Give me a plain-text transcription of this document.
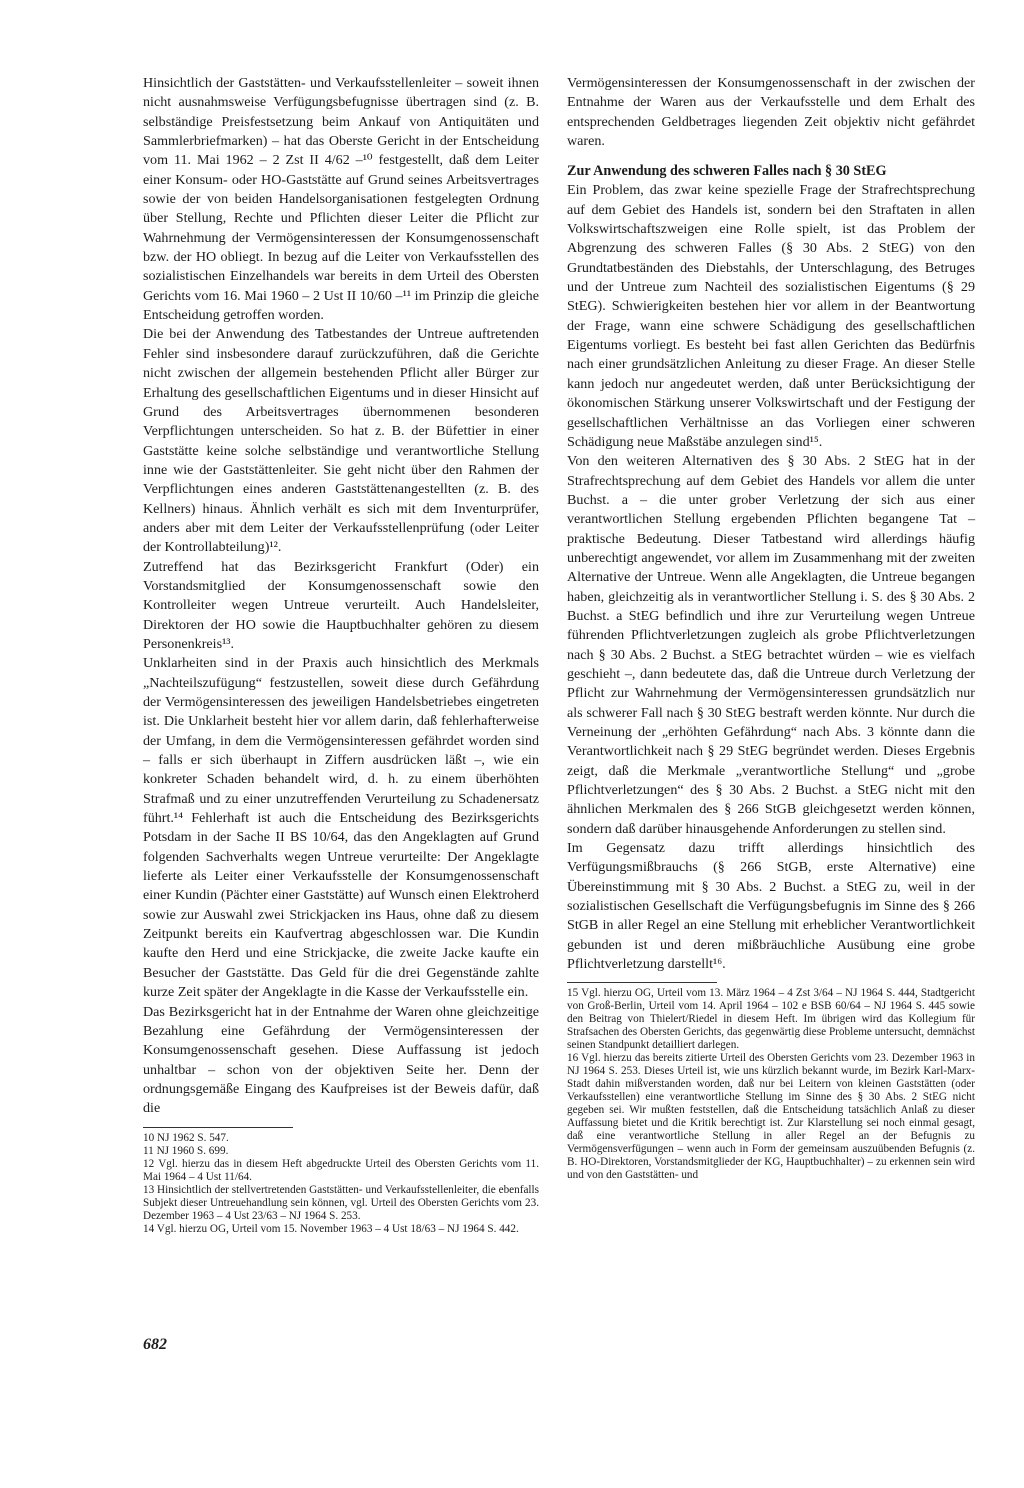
Hinsichtlich der Gaststätten- und Verkaufsstellenleiter – soweit ihnen nicht ausnahmsweise Verfügungsbefugnisse übertragen sind (z. B. selbständige Preisfestsetzung beim Ankauf von Antiquitäten und Sammlerbriefmarken) – hat das Oberste Gericht in der Entscheidung vom 11. Mai 1962 – 2 Zst II 4/62 –¹⁰ festgestellt, daß dem Leiter einer Konsum- oder HO-Gaststätte auf Grund seines Arbeitsvertrages sowie der von beiden Handelsorganisationen festgelegten Ordnung über Stellung, Rechte und Pflichten dieser Leiter die Pflicht zur Wahrnehmung der Vermögensinteressen der Konsumgenossenschaft bzw. der HO obliegt. In bezug auf die Leiter von Verkaufsstellen des sozialistischen Einzelhandels war bereits in dem Urteil des Obersten Gerichts vom 16. Mai 1960 – 2 Ust II 10/60 –¹¹ im Prinzip die gleiche Entscheidung getroffen worden.

Die bei der Anwendung des Tatbestandes der Untreue auftretenden Fehler sind insbesondere darauf zurückzuführen, daß die Gerichte nicht zwischen der allgemein bestehenden Pflicht aller Bürger zur Erhaltung des gesellschaftlichen Eigentums und in dieser Hinsicht auf Grund des Arbeitsvertrages übernommenen besonderen Verpflichtungen unterscheiden. So hat z. B. der Büfettier in einer Gaststätte keine solche selbständige und verantwortliche Stellung inne wie der Gaststättenleiter. Sie geht nicht über den Rahmen der Verpflichtungen eines anderen Gaststättenangestellten (z. B. des Kellners) hinaus. Ähnlich verhält es sich mit dem Inventurprüfer, anders aber mit dem Leiter der Verkaufsstellenprüfung (oder Leiter der Kontrollabteilung)¹².

Zutreffend hat das Bezirksgericht Frankfurt (Oder) ein Vorstandsmitglied der Konsumgenossenschaft sowie den Kontrolleiter wegen Untreue verurteilt. Auch Handelsleiter, Direktoren der HO sowie die Hauptbuchhalter gehören zu diesem Personenkreis¹³.

Unklarheiten sind in der Praxis auch hinsichtlich des Merkmals „Nachteilszufügung“ festzustellen, soweit diese durch Gefährdung der Vermögensinteressen des jeweiligen Handelsbetriebes eingetreten ist. Die Unklarheit besteht hier vor allem darin, daß fehlerhafterweise der Umfang, in dem die Vermögensinteressen gefährdet worden sind – falls er sich überhaupt in Ziffern ausdrücken läßt –, wie ein konkreter Schaden behandelt wird, d. h. zu einem überhöhten Strafmaß und zu einer unzutreffenden Verurteilung zu Schadenersatz führt.¹⁴ Fehlerhaft ist auch die Entscheidung des Bezirksgerichts Potsdam in der Sache II BS 10/64, das den Angeklagten auf Grund folgenden Sachverhalts wegen Untreue verurteilte: Der Angeklagte lieferte als Leiter einer Verkaufsstelle der Konsumgenossenschaft einer Kundin (Pächter einer Gaststätte) auf Wunsch einen Elektroherd sowie zur Auswahl zwei Strickjacken ins Haus, ohne daß zu diesem Zeitpunkt bereits ein Kaufvertrag abgeschlossen war. Die Kundin kaufte den Herd und eine Strickjacke, die zweite Jacke kaufte ein Besucher der Gaststätte. Das Geld für die drei Gegenstände zahlte kurze Zeit später der Angeklagte in die Kasse der Verkaufsstelle ein.

Das Bezirksgericht hat in der Entnahme der Waren ohne gleichzeitige Bezahlung eine Gefährdung der Vermögensinteressen der Konsumgenossenschaft gesehen. Diese Auffassung ist jedoch unhaltbar – schon von der objektiven Seite her. Denn der ordnungsgemäße Eingang des Kaufpreises ist der Beweis dafür, daß die

10 NJ 1962 S. 547.

11 NJ 1960 S. 699.

12 Vgl. hierzu das in diesem Heft abgedruckte Urteil des Obersten Gerichts vom 11. Mai 1964 – 4 Ust 11/64.

13 Hinsichtlich der stellvertretenden Gaststätten- und Verkaufsstellenleiter, die ebenfalls Subjekt dieser Untreuehandlung sein können, vgl. Urteil des Obersten Gerichts vom 23. Dezember 1963 – 4 Ust 23/63 – NJ 1964 S. 253.

14 Vgl. hierzu OG, Urteil vom 15. November 1963 – 4 Ust 18/63 – NJ 1964 S. 442.

Vermögensinteressen der Konsumgenossenschaft in der zwischen der Entnahme der Waren aus der Verkaufsstelle und dem Erhalt des entsprechenden Geldbetrages liegenden Zeit objektiv nicht gefährdet waren.

Zur Anwendung des schweren Falles nach § 30 StEG

Ein Problem, das zwar keine spezielle Frage der Strafrechtsprechung auf dem Gebiet des Handels ist, sondern bei den Straftaten in allen Volkswirtschaftszweigen eine Rolle spielt, ist das Problem der Abgrenzung des schweren Falles (§ 30 Abs. 2 StEG) von den Grundtatbeständen des Diebstahls, der Unterschlagung, des Betruges und der Untreue zum Nachteil des sozialistischen Eigentums (§ 29 StEG). Schwierigkeiten bestehen hier vor allem in der Beantwortung der Frage, wann eine schwere Schädigung des gesellschaftlichen Eigentums vorliegt. Es besteht bei fast allen Gerichten das Bedürfnis nach einer grundsätzlichen Anleitung zu dieser Frage. An dieser Stelle kann jedoch nur angedeutet werden, daß unter Berücksichtigung der ökonomischen Stärkung unserer Volkswirtschaft und der Festigung der gesellschaftlichen Verhältnisse an das Vorliegen einer schweren Schädigung neue Maßstäbe anzulegen sind¹⁵.

Von den weiteren Alternativen des § 30 Abs. 2 StEG hat in der Strafrechtsprechung auf dem Gebiet des Handels vor allem die unter Buchst. a – die unter grober Verletzung der sich aus einer verantwortlichen Stellung ergebenden Pflichten begangene Tat – praktische Bedeutung. Dieser Tatbestand wird allerdings häufig unberechtigt angewendet, vor allem im Zusammenhang mit der zweiten Alternative der Untreue. Wenn alle Angeklagten, die Untreue begangen haben, gleichzeitig als in verantwortlicher Stellung i. S. des § 30 Abs. 2 Buchst. a StEG befindlich und ihre zur Verurteilung wegen Untreue führenden Pflichtverletzungen zugleich als grobe Pflichtverletzungen nach § 30 Abs. 2 Buchst. a StEG betrachtet würden – wie es vielfach geschieht –, dann bedeutete das, daß die Untreue durch Verletzung der Pflicht zur Wahrnehmung der Vermögensinteressen grundsätzlich nur als schwerer Fall nach § 30 StEG bestraft werden könnte. Nur durch die Verneinung der „erhöhten Gefährdung“ nach Abs. 3 könnte dann die Verantwortlichkeit nach § 29 StEG begründet werden. Dieses Ergebnis zeigt, daß die Merkmale „verantwortliche Stellung“ und „grobe Pflichtverletzungen“ des § 30 Abs. 2 Buchst. a StEG nicht mit den ähnlichen Merkmalen des § 266 StGB gleichgesetzt werden können, sondern daß darüber hinausgehende Anforderungen zu stellen sind.

Im Gegensatz dazu trifft allerdings hinsichtlich des Verfügungsmißbrauchs (§ 266 StGB, erste Alternative) eine Übereinstimmung mit § 30 Abs. 2 Buchst. a StEG zu, weil in der sozialistischen Gesellschaft die Verfügungsbefugnis im Sinne des § 266 StGB in aller Regel an eine Stellung mit erheblicher Verantwortlichkeit gebunden ist und deren mißbräuchliche Ausübung eine grobe Pflichtverletzung darstellt¹⁶.

15 Vgl. hierzu OG, Urteil vom 13. März 1964 – 4 Zst 3/64 – NJ 1964 S. 444, Stadtgericht von Groß-Berlin, Urteil vom 14. April 1964 – 102 e BSB 60/64 – NJ 1964 S. 445 sowie den Beitrag von Thielert/Riedel in diesem Heft. Im übrigen wird das Kollegium für Strafsachen des Obersten Gerichts, das gegenwärtig diese Probleme untersucht, demnächst seinen Standpunkt detailliert darlegen.

16 Vgl. hierzu das bereits zitierte Urteil des Obersten Gerichts vom 23. Dezember 1963 in NJ 1964 S. 253. Dieses Urteil ist, wie uns kürzlich bekannt wurde, im Bezirk Karl-Marx-Stadt dahin mißverstanden worden, daß nur bei Leitern von kleinen Gaststätten (oder Verkaufsstellen) eine verantwortliche Stellung im Sinne des § 30 Abs. 2 StEG nicht gegeben sei. Wir mußten feststellen, daß die Entscheidung tatsächlich Anlaß zu dieser Auffassung bietet und die Kritik berechtigt ist. Zur Klarstellung sei noch einmal gesagt, daß eine verantwortliche Stellung in aller Regel an der Befugnis zu Vermögensverfügungen – wenn auch in Form der gemeinsam auszuübenden Befugnis (z. B. HO-Direktoren, Vorstandsmitglieder der KG, Hauptbuchhalter) – zu erkennen sein wird und von den Gaststätten- und

682
